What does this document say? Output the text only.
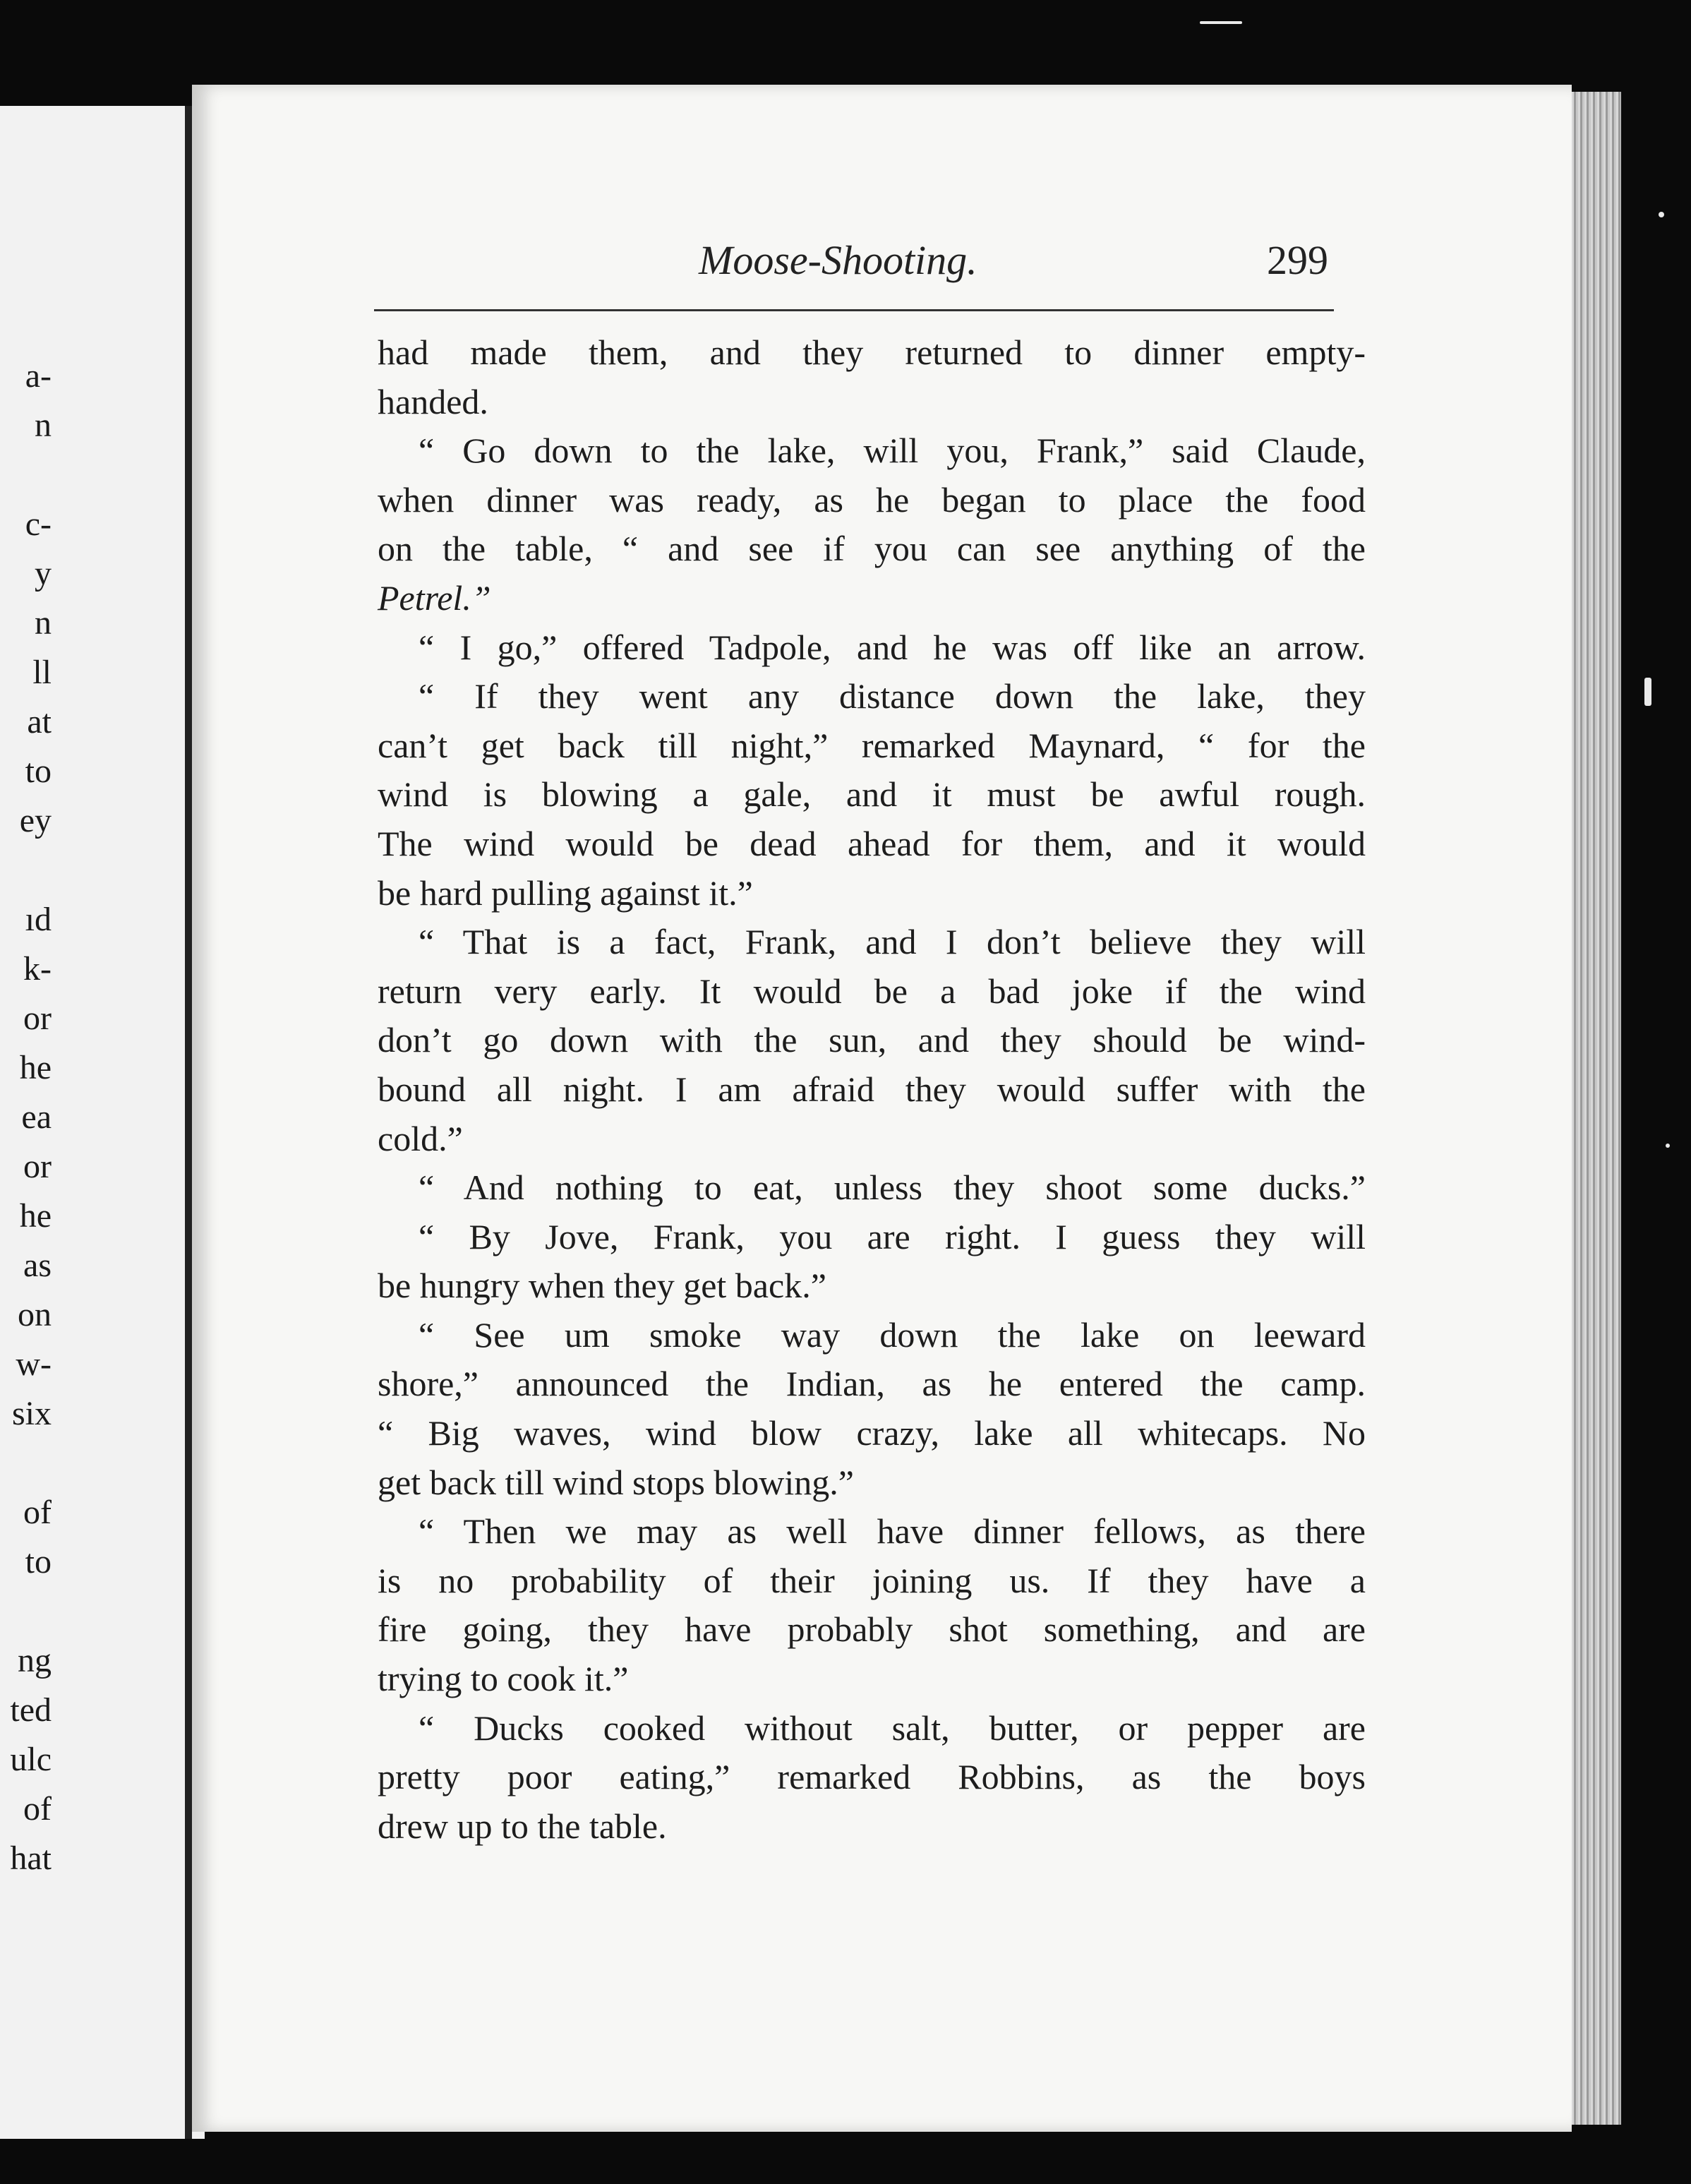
a-
n
c-
y
n
ll
at
to
ey
ıd
k-
or
he
ea
or
he
as
on
w-
six
of
to
ng
ted
ulc
of
hat
Moose-Shooting.	299
had made them, and they returned to dinner empty-
handed.
“ Go down to the lake, will you, Frank,” said Claude,
when dinner was ready, as he began to place the food
on the table, “ and see if you can see anything of the
Petrel.”
“ I go,” offered Tadpole, and he was off like an arrow.
“ If they went any distance down the lake, they
can’t get back till night,” remarked Maynard, “ for the
wind is blowing a gale, and it must be awful rough.
The wind would be dead ahead for them, and it would
be hard pulling against it.”
“ That is a fact, Frank, and I don’t believe they will
return very early. It would be a bad joke if the wind
don’t go down with the sun, and they should be wind-
bound all night. I am afraid they would suffer with the
cold.”
“ And nothing to eat, unless they shoot some ducks.”
“ By Jove, Frank, you are right. I guess they will
be hungry when they get back.”
“ See um smoke way down the lake on leeward
shore,” announced the Indian, as he entered the camp.
“ Big waves, wind blow crazy, lake all whitecaps. No
get back till wind stops blowing.”
“ Then we may as well have dinner fellows, as there
is no probability of their joining us. If they have a
fire going, they have probably shot something, and are
trying to cook it.”
“ Ducks cooked without salt, butter, or pepper are
pretty poor eating,” remarked Robbins, as the boys
drew up to the table.
